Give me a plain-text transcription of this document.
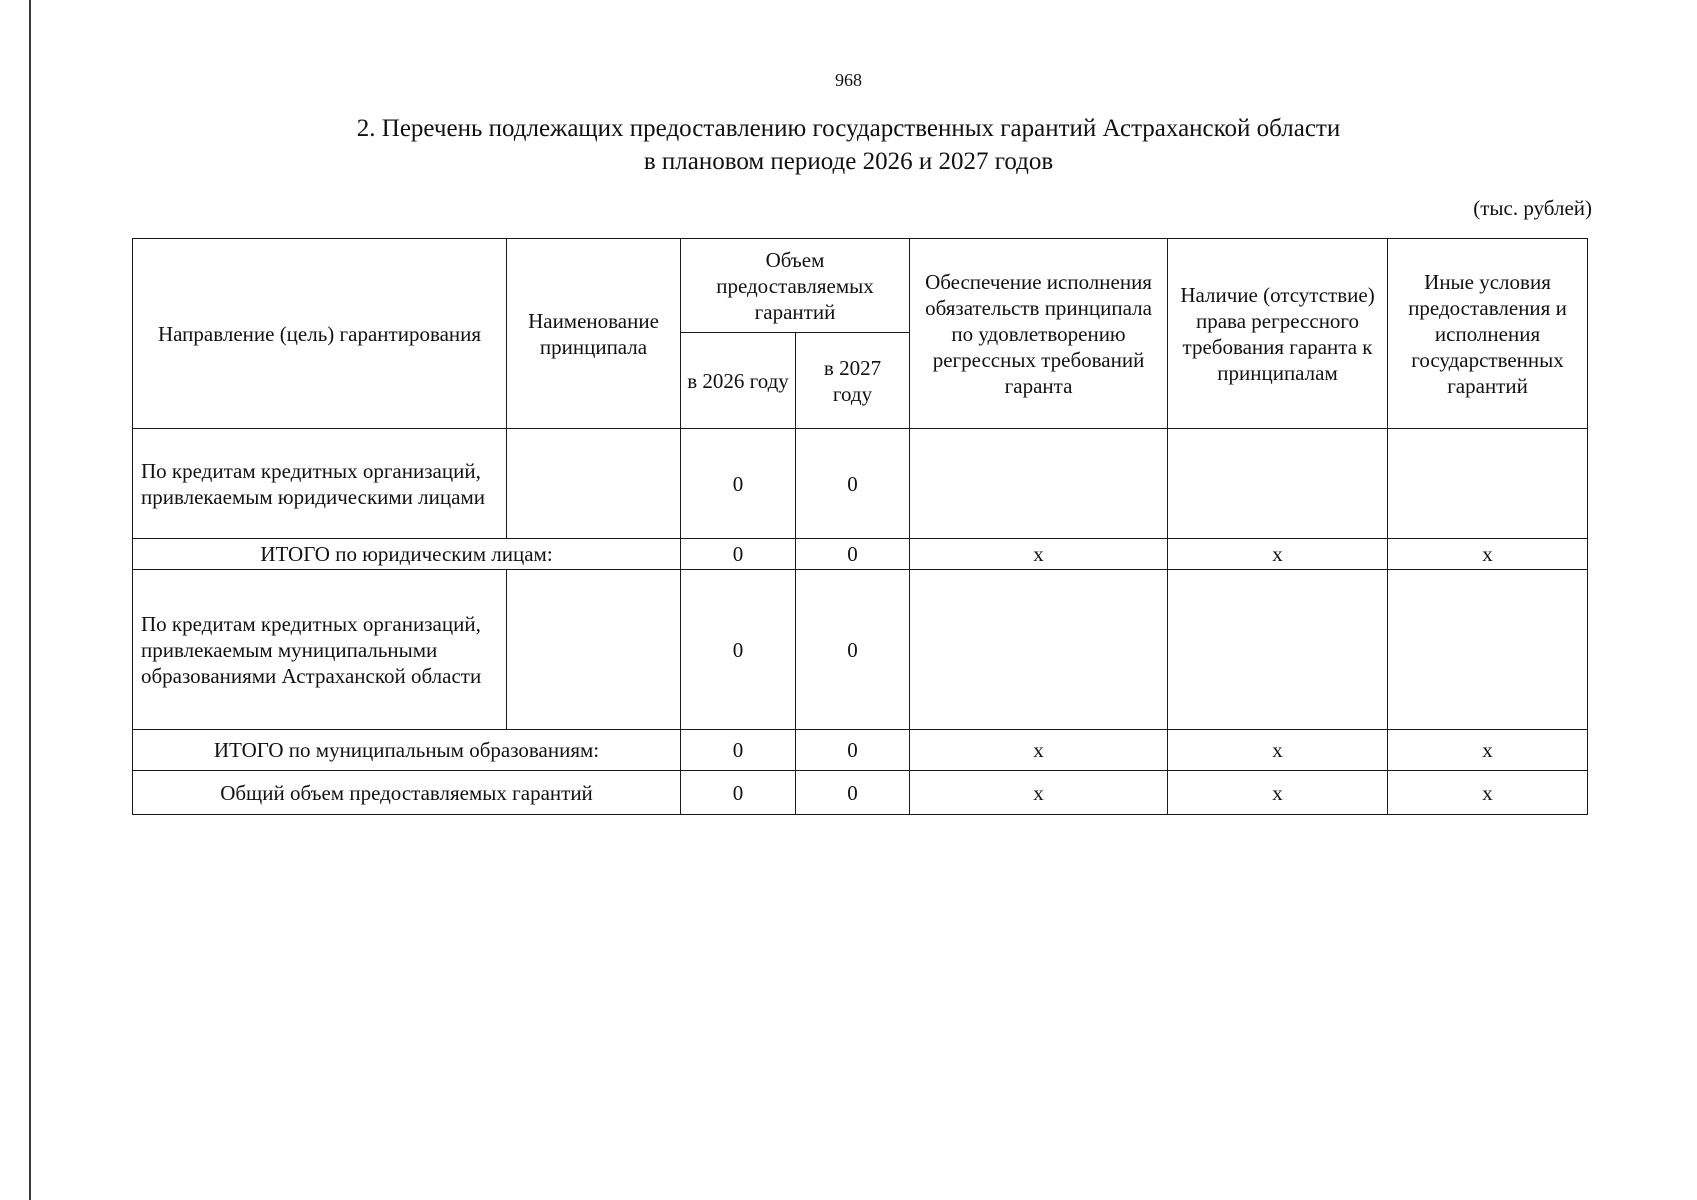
968
2. Перечень подлежащих предоставлению государственных гарантий Астраханской области
в плановом периоде 2026 и 2027 годов
(тыс. рублей)
Направление (цель) гарантирования	Наименование принципала	Объем предоставляемых гарантий		Обеспечение исполнения обязательств принципала по удовлетворению регрессных требований гаранта	Наличие (отсутствие) права регрессного требования гаранта к принципалам	Иные условия предоставления и исполнения государственных гарантий
		в 2026 году	в 2027 году			
По кредитам кредитных организаций, привлекаемым юридическими лицами		0	0			
ИТОГО по юридическим лицам:		0	0	x	x	x
По кредитам кредитных организаций, привлекаемым муниципальными образованиями Астраханской области		0	0			
ИТОГО по муниципальным образованиям:		0	0	x	x	x
Общий объем предоставляемых гарантий		0	0	x	x	x
